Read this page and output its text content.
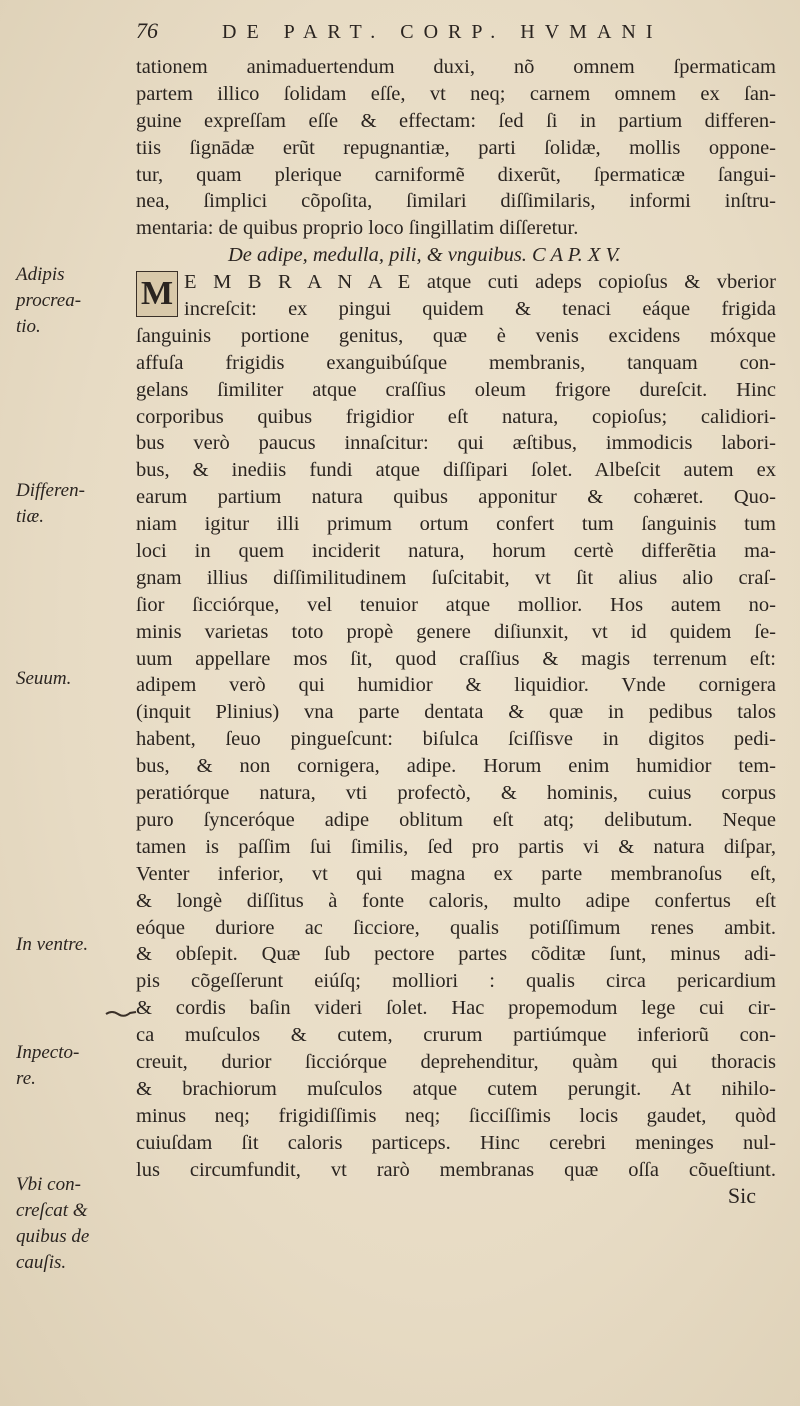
76	DE PART. CORP. HVMANI
Adipis
procrea-
tio.
Differen-
tiæ.
Seuum.
In ventre.
Inpecto-
re.
Vbi con-
creſcat &
quibus de
cauſis.
tationem animaduertendum duxi, nõ omnem ſpermaticam
partem illico ſolidam eſſe, vt neq; carnem omnem ex ſan-
guine expreſſam eſſe & effectam: ſed ſi in partium differen-
tiis ſignādæ erũt repugnantiæ, parti ſolidæ, mollis oppone-
tur, quam plerique carniformẽ dixerũt, ſpermaticæ ſangui-
nea, ſimplici cõpoſita, ſimilari diſſimilaris, informi inſtru-
mentaria: de quibus proprio loco ſingillatim diſſeretur.
De adipe, medulla, pili, & vnguibus. C A P. X V.
M E M B R A N A E atque cuti adeps copioſus & vberior
increſcit: ex pingui quidem & tenaci eáque frigida
ſanguinis portione genitus, quæ è venis excidens móxque
affuſa frigidis exanguibúſque membranis, tanquam con-
gelans ſimiliter atque craſſius oleum frigore dureſcit. Hinc
corporibus quibus frigidior eſt natura, copioſus; calidiori-
bus verò paucus innaſcitur: qui æſtibus, immodicis labori-
bus, & inediis fundi atque diſſipari ſolet. Albeſcit autem ex
earum partium natura quibus apponitur & cohæret. Quo-
niam igitur illi primum ortum confert tum ſanguinis tum
loci in quem inciderit natura, horum certè differẽtia ma-
gnam illius diſſimilitudinem ſuſcitabit, vt ſit alius alio craſ-
ſior ſicciórque, vel tenuior atque mollior. Hos autem no-
minis varietas toto propè genere diſiunxit, vt id quidem ſe-
uum appellare mos ſit, quod craſſius & magis terrenum eſt:
adipem verò qui humidior & liquidior. Vnde cornigera
(inquit Plinius) vna parte dentata & quæ in pedibus talos
habent, ſeuo pingueſcunt: biſulca ſciſſisve in digitos pedi-
bus, & non cornigera, adipe. Horum enim humidior tem-
peratiórque natura, vti profectò, & hominis, cuius corpus
puro ſynceróque adipe oblitum eſt atq; delibutum. Neque
tamen is paſſim ſui ſimilis, ſed pro partis vi & natura diſpar,
Venter inferior, vt qui magna ex parte membranoſus eſt,
& longè diſſitus à fonte caloris, multo adipe confertus eſt
eóque duriore ac ſicciore, qualis potiſſimum renes ambit.
& obſepit. Quæ ſub pectore partes cõditæ ſunt, minus adi-
pis cõgeſſerunt eiúſq; molliori : qualis circa pericardium
& cordis baſin videri ſolet. Hac propemodum lege cui cir-
ca muſculos & cutem, crurum partiúmque inferiorũ con-
creuit, durior ſicciórque deprehenditur, quàm qui thoracis
& brachiorum muſculos atque cutem perungit. At nihilo-
minus neq; frigidiſſimis neq; ſicciſſimis locis gaudet, quòd
cuiuſdam ſit caloris particeps. Hinc cerebri meninges nul-
lus circumfundit, vt rarò membranas quæ oſſa cõueſtiunt.
Sic
